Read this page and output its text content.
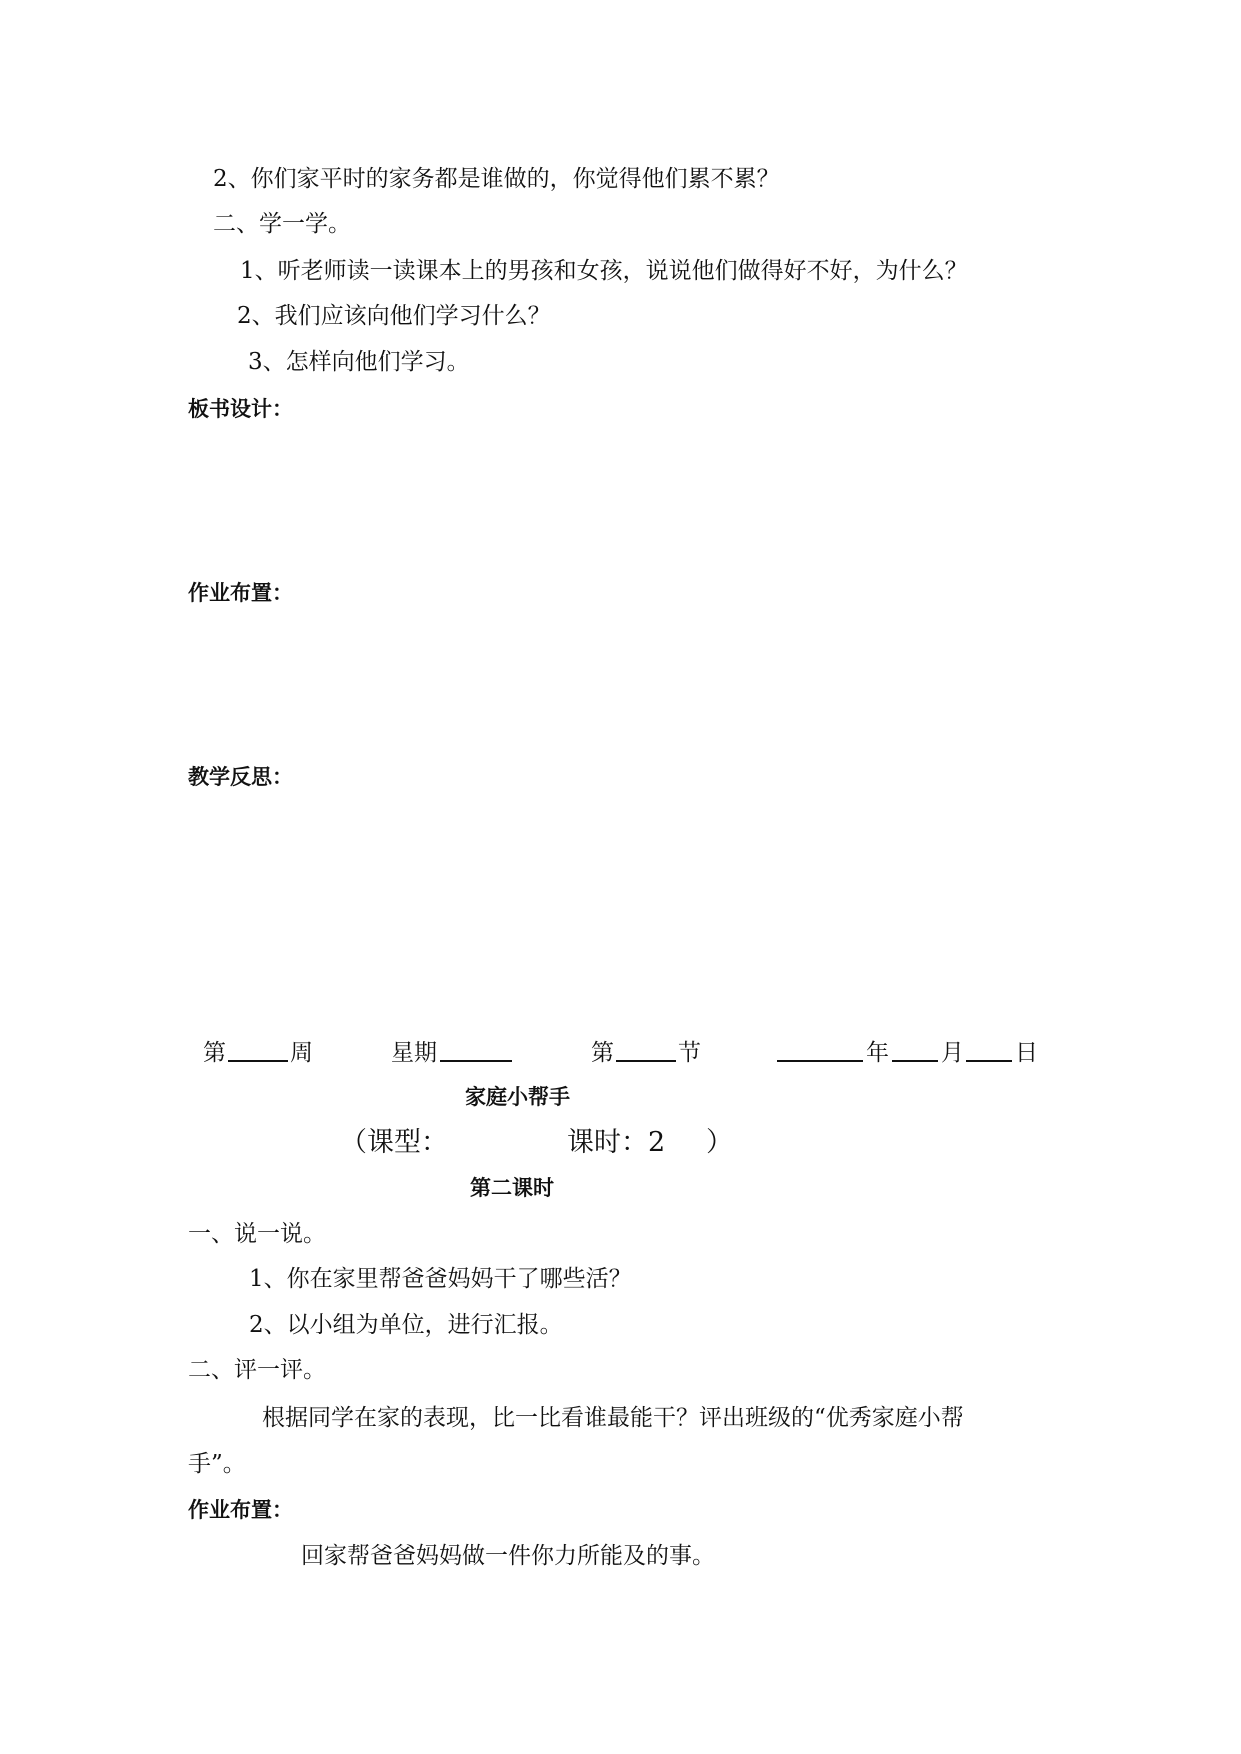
2、你们家平时的家务都是谁做的，你觉得他们累不累？
二、学一学。
1、听老师读一读课本上的男孩和女孩，说说他们做得好不好，为什么？
2、我们应该向他们学习什么？
3、怎样向他们学习。
板书设计：
作业布置：
教学反思：
第	周	星期	第	节	年 月 日
家庭小帮手
（课型：	课时：2 ）
第二课时
一、说一说。
1、你在家里帮爸爸妈妈干了哪些活？
2、以小组为单位，进行汇报。
二、评一评。
根据同学在家的表现，比一比看谁最能干？评出班级的“优秀家庭小帮
手”。
作业布置：
回家帮爸爸妈妈做一件你力所能及的事。
